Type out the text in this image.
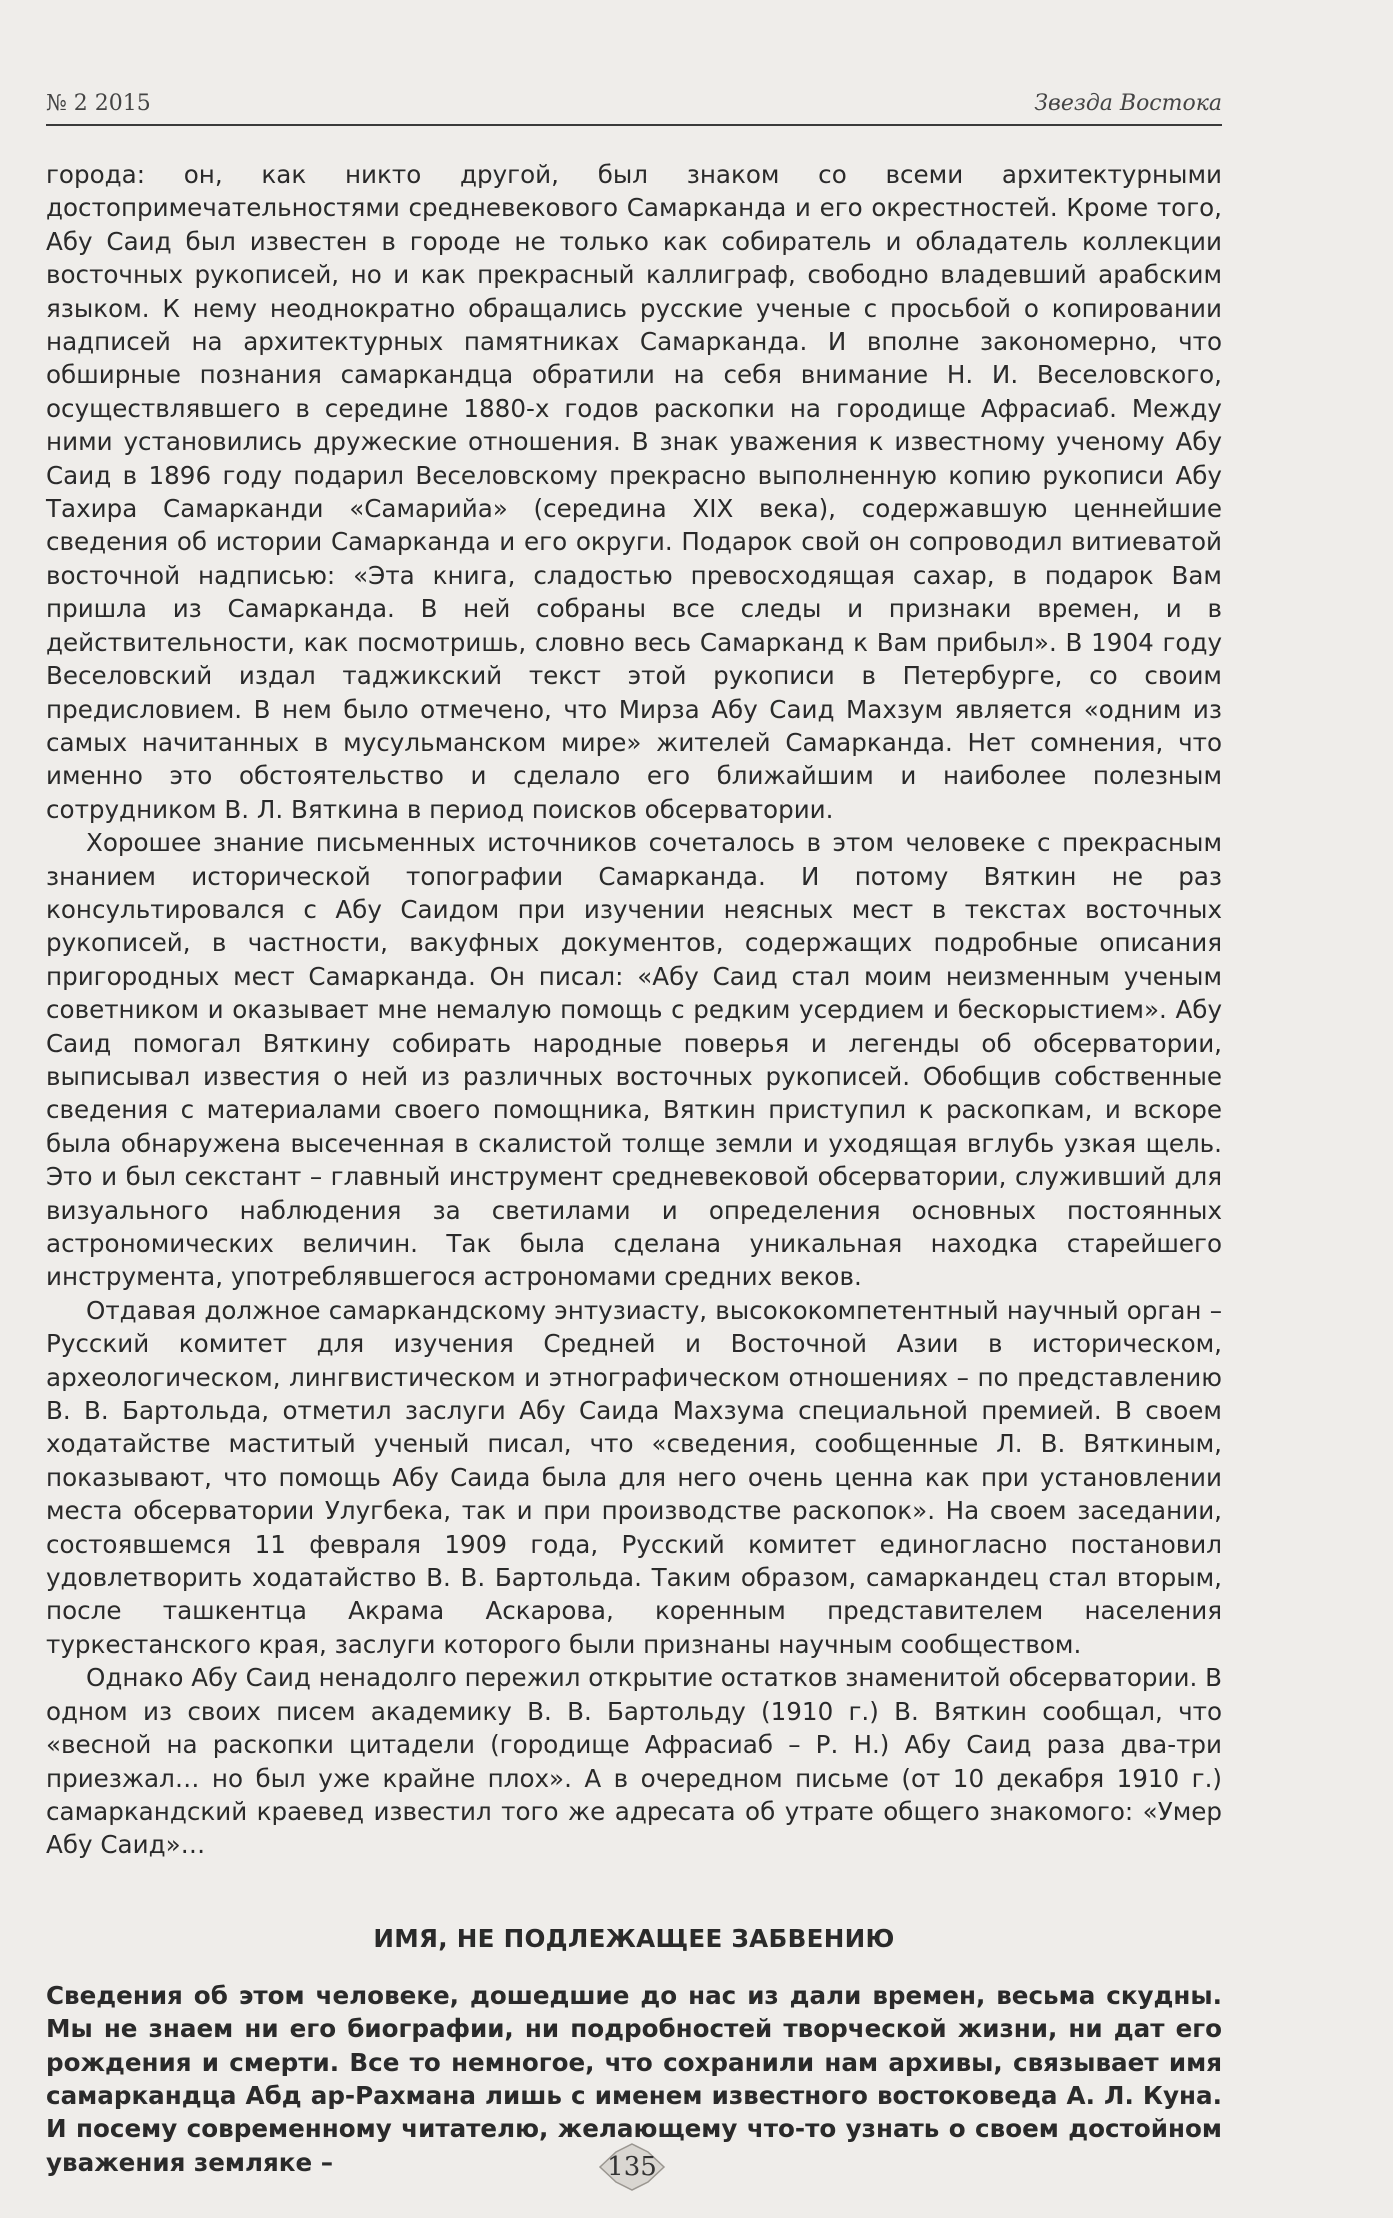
№ 2 2015	Звезда Востока

города: он, как никто другой, был знаком со всеми архитектурными достопримечательностями средневекового Самарканда и его окрестностей. Кроме того, Абу Саид был известен в городе не только как собиратель и обладатель коллекции восточных рукописей, но и как прекрасный каллиграф, свободно владевший арабским языком. К нему неоднократно обращались русские ученые с просьбой о копировании надписей на архитектурных памятниках Самарканда. И вполне закономерно, что обширные познания самаркандца обратили на себя внимание Н. И. Веселовского, осуществлявшего в середине 1880-х годов раскопки на городище Афрасиаб. Между ними установились дружеские отношения. В знак уважения к известному ученому Абу Саид в 1896 году подарил Веселовскому прекрасно выполненную копию рукописи Абу Тахира Самарканди «Самарийа» (середина XIX века), содержавшую ценнейшие сведения об истории Самарканда и его округи. Подарок свой он сопроводил витиеватой восточной надписью: «Эта книга, сладостью превосходящая сахар, в подарок Вам пришла из Самарканда. В ней собраны все следы и признаки времен, и в действительности, как посмотришь, словно весь Самарканд к Вам прибыл». В 1904 году Веселовский издал таджикский текст этой рукописи в Петербурге, со своим предисловием. В нем было отмечено, что Мирза Абу Саид Махзум является «одним из самых начитанных в мусульманском мире» жителей Самарканда. Нет сомнения, что именно это обстоятельство и сделало его ближайшим и наиболее полезным сотрудником В. Л. Вяткина в период поисков обсерватории.

Хорошее знание письменных источников сочеталось в этом человеке с прекрасным знанием исторической топографии Самарканда. И потому Вяткин не раз консультировался с Абу Саидом при изучении неясных мест в текстах восточных рукописей, в частности, вакуфных документов, содержащих подробные описания пригородных мест Самарканда. Он писал: «Абу Саид стал моим неизменным ученым советником и оказывает мне немалую помощь с редким усердием и бескорыстием». Абу Саид помогал Вяткину собирать народные поверья и легенды об обсерватории, выписывал известия о ней из различных восточных рукописей. Обобщив собственные сведения с материалами своего помощника, Вяткин приступил к раскопкам, и вскоре была обнаружена высеченная в скалистой толще земли и уходящая вглубь узкая щель. Это и был секстант – главный инструмент средневековой обсерватории, служивший для визуального наблюдения за светилами и определения основных постоянных астрономических величин. Так была сделана уникальная находка старейшего инструмента, употреблявшегося астрономами средних веков.

Отдавая должное самаркандскому энтузиасту, высококомпетентный научный орган – Русский комитет для изучения Средней и Восточной Азии в историческом, археологическом, лингвистическом и этнографическом отношениях – по представлению В. В. Бартольда, отметил заслуги Абу Саида Махзума специальной премией. В своем ходатайстве маститый ученый писал, что «сведения, сообщенные Л. В. Вяткиным, показывают, что помощь Абу Саида была для него очень ценна как при установлении места обсерватории Улугбека, так и при производстве раскопок». На своем заседании, состоявшемся 11 февраля 1909 года, Русский комитет единогласно постановил удовлетворить ходатайство В. В. Бартольда. Таким образом, самаркандец стал вторым, после ташкентца Акрама Аскарова, коренным представителем населения туркестанского края, заслуги которого были признаны научным сообществом.

Однако Абу Саид ненадолго пережил открытие остатков знаменитой обсерватории. В одном из своих писем академику В. В. Бартольду (1910 г.) В. Вяткин сообщал, что «весной на раскопки цитадели (городище Афрасиаб – Р. Н.) Абу Саид раза два-три приезжал… но был уже крайне плох». А в очередном письме (от 10 декабря 1910 г.) самаркандский краевед известил того же адресата об утрате общего знакомого: «Умер Абу Саид»…

ИМЯ, НЕ ПОДЛЕЖАЩЕЕ ЗАБВЕНИЮ

Сведения об этом человеке, дошедшие до нас из дали времен, весьма скудны. Мы не знаем ни его биографии, ни подробностей творческой жизни, ни дат его рождения и смерти. Все то немногое, что сохранили нам архивы, связывает имя самаркандца Абд ар-Рахмана лишь с именем известного востоковеда А. Л. Куна. И посему современному читателю, желающему что-то узнать о своем достойном уважения земляке –	135
